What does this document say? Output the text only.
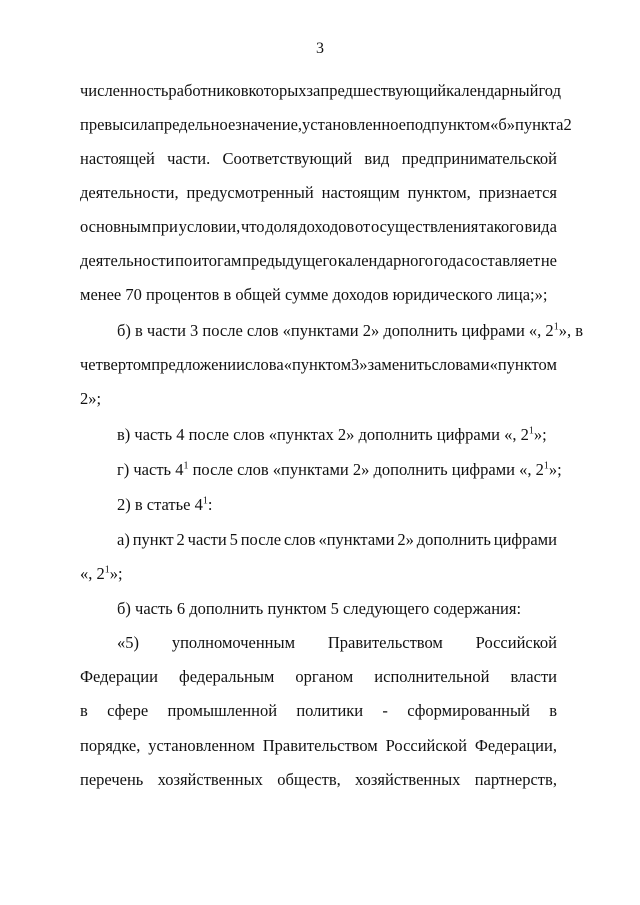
3
численность работников которых за предшествующий календарный год
превысила предельное значение, установленное подпунктом «б» пункта 2
настоящей части. Соответствующий вид предпринимательской
деятельности, предусмотренный настоящим пунктом, признается
основным при условии, что доля доходов от осуществления такого вида
деятельности по итогам предыдущего календарного года составляет не
менее 70 процентов в общей сумме доходов юридического лица;»;
б) в части 3 после слов «пунктами 2» дополнить цифрами «, $2^1$», в
четвертом предложении слова «пунктом 3» заменить словами «пунктом
2»;
в) часть 4 после слов «пунктах 2» дополнить цифрами «, $2^1$»;
г) часть $4^1$ после слов «пунктами 2» дополнить цифрами «, $2^1$»;
2) в статье $4^1$:
а) пункт 2 части 5 после слов «пунктами 2» дополнить цифрами
«, $2^1$»;
б) часть 6 дополнить пунктом 5 следующего содержания:
«5) уполномоченным Правительством Российской
Федерации федеральным органом исполнительной власти
в сфере промышленной политики - сформированный в
порядке, установленном Правительством Российской Федерации,
перечень хозяйственных обществ, хозяйственных партнерств,
